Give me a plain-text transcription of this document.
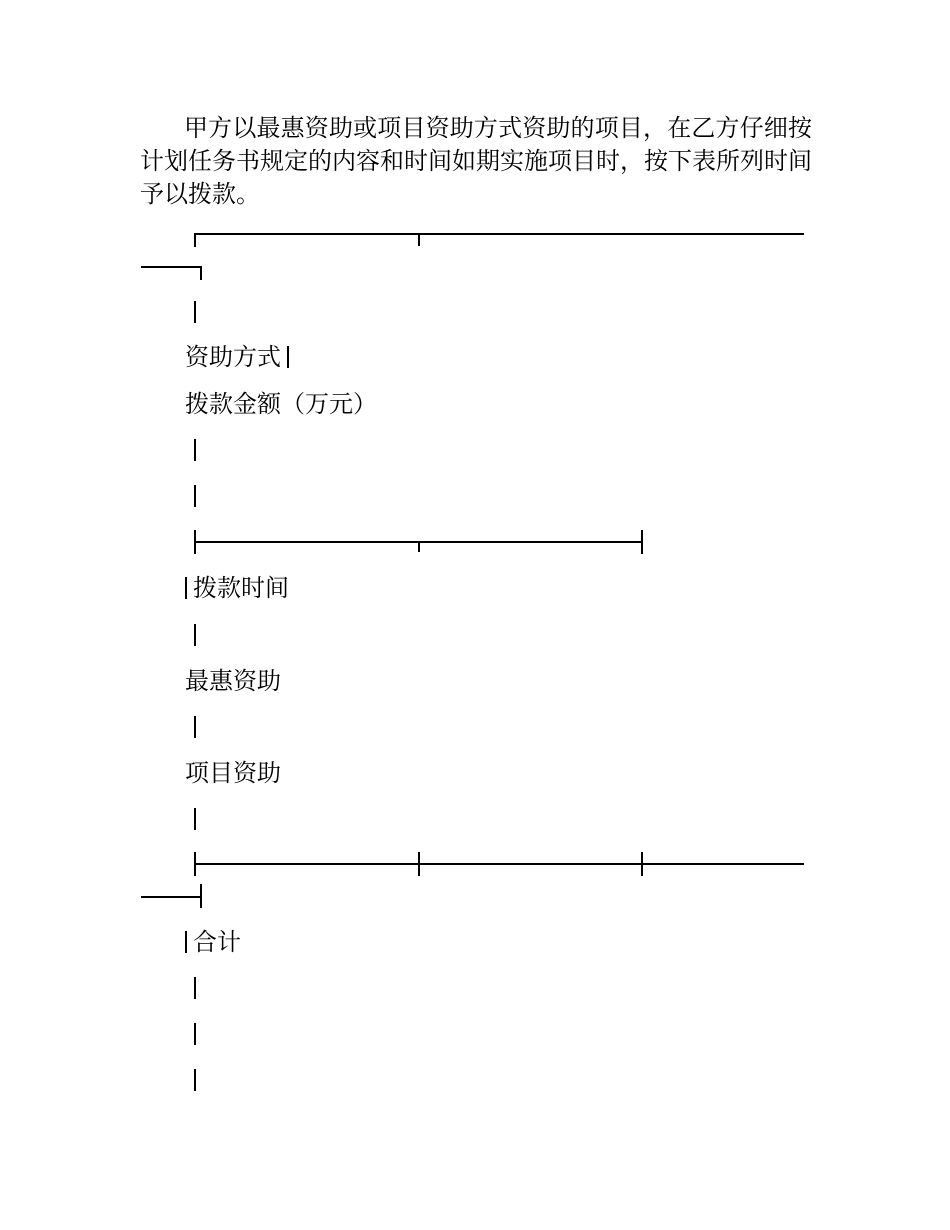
甲方以最惠资助或项目资助方式资助的项目，在乙方仔细按计划任务书规定的内容和时间如期实施项目时，按下表所列时间予以拨款。

资助方式
拨款金额（万元）
拨款时间
最惠资助
项目资助
合计
